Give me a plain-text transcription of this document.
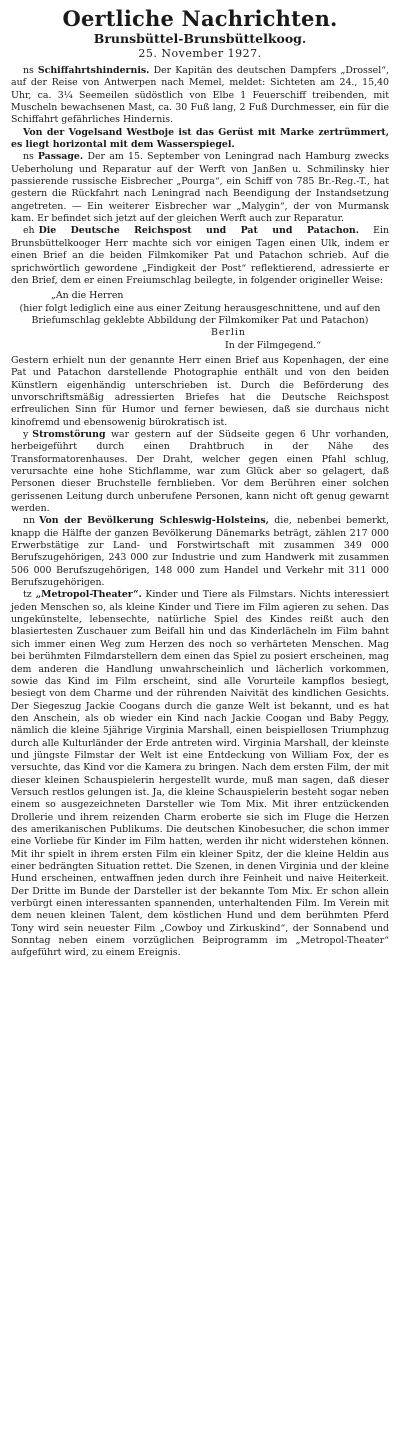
Oertliche Nachrichten.
Brunsbüttel-Brunsbüttelkoog.
25. November 1927.

ns Schiffahrtshindernis. Der Kapitän des deutschen Dampfers „Drossel“, auf der Reise von Antwerpen nach Memel, meldet: Sichteten am 24., 15,40 Uhr, ca. 3¼ Seemeilen südöstlich von Elbe 1 Feuerschiff treibenden, mit Muscheln bewachsenen Mast, ca. 30 Fuß lang, 2 Fuß Durchmesser, ein für die Schiffahrt gefährliches Hindernis.

Von der Vogelsand Westboje ist das Gerüst mit Marke zertrümmert, es liegt horizontal mit dem Wasserspiegel.

ns Passage. Der am 15. September von Leningrad nach Hamburg zwecks Ueberholung und Reparatur auf der Werft von Janßen u. Schmilinsky hier passierende russische Eisbrecher „Pourga“, ein Schiff von 785 Br.-Reg.-T., hat gestern die Rückfahrt nach Leningrad nach Beendigung der Instandsetzung angetreten. — Ein weiterer Eisbrecher war „Malygin“, der von Murmansk kam. Er befindet sich jetzt auf der gleichen Werft auch zur Reparatur.

eh Die Deutsche Reichspost und Pat und Patachon. Ein Brunsbüttelkooger Herr machte sich vor einigen Tagen einen Ulk, indem er einen Brief an die beiden Filmkomiker Pat und Patachon schrieb. Auf die sprichwörtlich gewordene „Findigkeit der Post“ reflektierend, adressierte er den Brief, dem er einen Freiumschlag beilegte, in folgender origineller Weise:

„An die Herren
(hier folgt lediglich eine aus einer Zeitung herausgeschnittene, und auf den Briefumschlag geklebte Abbildung der Filmkomiker Pat und Patachon)
Berlin
In der Filmgegend.“

Gestern erhielt nun der genannte Herr einen Brief aus Kopenhagen, der eine Pat und Patachon darstellende Photographie enthält und von den beiden Künstlern eigenhändig unterschrieben ist. Durch die Beförderung des unvorschriftsmäßig adressierten Briefes hat die Deutsche Reichspost erfreulichen Sinn für Humor und ferner bewiesen, daß sie durchaus nicht kinofremd und ebensowenig bürokratisch ist.

y Stromstörung war gestern auf der Südseite gegen 6 Uhr vorhanden, herbeigeführt durch einen Drahtbruch in der Nähe des Transformatorenhauses. Der Draht, welcher gegen einen Pfahl schlug, verursachte eine hohe Stichflamme, war zum Glück aber so gelagert, daß Personen dieser Bruchstelle fernblieben. Vor dem Berühren einer solchen gerissenen Leitung durch unberufene Personen, kann nicht oft genug gewarnt werden.

nn Von der Bevölkerung Schleswig-Holsteins, die, nebenbei bemerkt, knapp die Hälfte der ganzen Bevölkerung Dänemarks beträgt, zählen 217 000 Erwerbstätige zur Land- und Forstwirtschaft mit zusammen 349 000 Berufszugehörigen, 243 000 zur Industrie und zum Handwerk mit zusammen 506 000 Berufszugehörigen, 148 000 zum Handel und Verkehr mit 311 000 Berufszugehörigen.

tz „Metropol-Theater“. Kinder und Tiere als Filmstars. Nichts interessiert jeden Menschen so, als kleine Kinder und Tiere im Film agieren zu sehen. Das ungekünstelte, lebensechte, natürliche Spiel des Kindes reißt auch den blasiertesten Zuschauer zum Beifall hin und das Kinderlächeln im Film bahnt sich immer einen Weg zum Herzen des noch so verhärteten Menschen. Mag bei berühmten Filmdarstellern dem einen das Spiel zu posiert erscheinen, mag dem anderen die Handlung unwahrscheinlich und lächerlich vorkommen, sowie das Kind im Film erscheint, sind alle Vorurteile kampflos besiegt, besiegt von dem Charme und der rührenden Naivität des kindlichen Gesichts. Der Siegeszug Jackie Coogans durch die ganze Welt ist bekannt, und es hat den Anschein, als ob wieder ein Kind nach Jackie Coogan und Baby Peggy, nämlich die kleine 5jährige Virginia Marshall, einen beispiellosen Triumphzug durch alle Kulturländer der Erde antreten wird. Virginia Marshall, der kleinste und jüngste Filmstar der Welt ist eine Entdeckung von William Fox, der es versuchte, das Kind vor die Kamera zu bringen. Nach dem ersten Film, der mit dieser kleinen Schauspielerin hergestellt wurde, muß man sagen, daß dieser Versuch restlos gelungen ist. Ja, die kleine Schauspielerin besteht sogar neben einem so ausgezeichneten Darsteller wie Tom Mix. Mit ihrer entzückenden Drollerie und ihrem reizenden Charm eroberte sie sich im Fluge die Herzen des amerikanischen Publikums. Die deutschen Kinobesucher, die schon immer eine Vorliebe für Kinder im Film hatten, werden ihr nicht widerstehen können. Mit ihr spielt in ihrem ersten Film ein kleiner Spitz, der die kleine Heldin aus einer bedrängten Situation rettet. Die Szenen, in denen Virginia und der kleine Hund erscheinen, entwaffnen jeden durch ihre Feinheit und naive Heiterkeit. Der Dritte im Bunde der Darsteller ist der bekannte Tom Mix. Er schon allein verbürgt einen interessanten spannenden, unterhaltenden Film. Im Verein mit dem neuen kleinen Talent, dem köstlichen Hund und dem berühmten Pferd Tony wird sein neuester Film „Cowboy und Zirkuskind“, der Sonnabend und Sonntag neben einem vorzüglichen Beiprogramm im „Metropol-Theater“ aufgeführt wird, zu einem Ereignis.
